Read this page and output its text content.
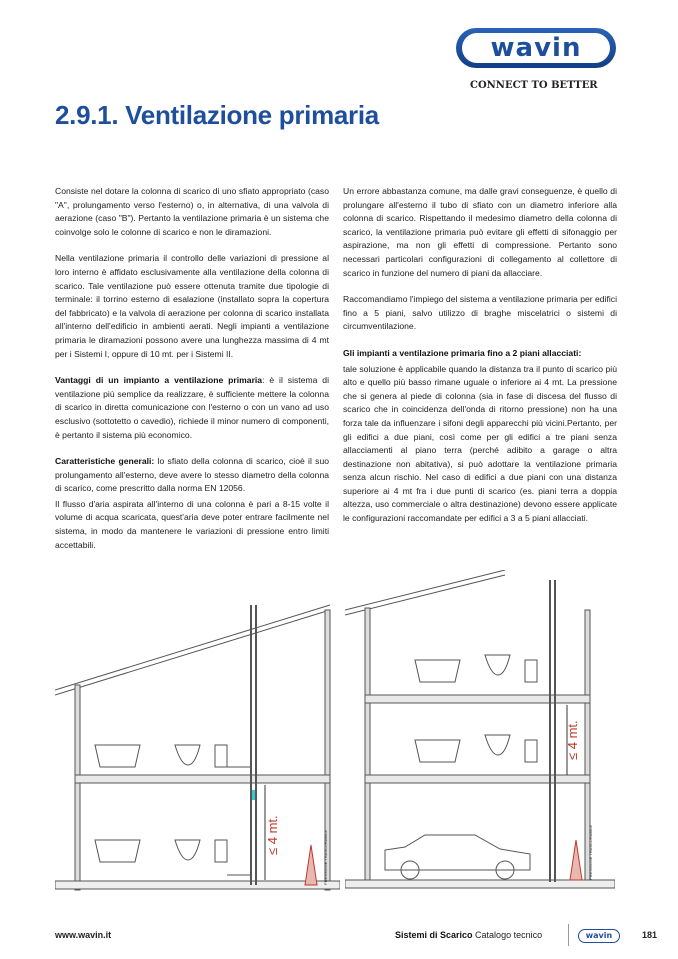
wavin
CONNECT TO BETTER
2.9.1. Ventilazione primaria

Consiste nel dotare la colonna di scarico di uno sfiato appropriato (caso "A", prolungamento verso l'esterno) o, in alternativa, di una valvola di aerazione (caso "B"). Pertanto la ventilazione primaria è un sistema che coinvolge solo le colonne di scarico e non le diramazioni.

Nella ventilazione primaria il controllo delle variazioni di pressione al loro interno è affidato esclusivamente alla ventilazione della colonna di scarico. Tale ventilazione può essere ottenuta tramite due tipologie di terminale: il torrino esterno di esalazione (installato sopra la copertura del fabbricato) e la valvola di aerazione per colonna di scarico installata all'interno dell'edificio in ambienti aerati. Negli impianti a ventilazione primaria le diramazioni possono avere una lunghezza massima di 4 mt per i Sistemi I, oppure di 10 mt. per i Sistemi II.

Vantaggi di un impianto a ventilazione primaria: è il sistema di ventilazione più semplice da realizzare, è sufficiente mettere la colonna di scarico in diretta comunicazione con l'esterno o con un vano ad uso esclusivo (sottotetto o cavedio), richiede il minor numero di componenti, è pertanto il sistema più economico.

Caratteristiche generali: lo sfiato della colonna di scarico, cioè il suo prolungamento all'esterno, deve avere lo stesso diametro della colonna di scarico, come prescritto dalla norma EN 12056.

Il flusso d'aria aspirata all'interno di una colonna è pari a 8-15 volte il volume di acqua scaricata, quest'aria deve poter entrare facilmente nel sistema, in modo da mantenere le variazioni di pressione entro limiti accettabili.

Un errore abbastanza comune, ma dalle gravi conseguenze, è quello di prolungare all'esterno il tubo di sfiato con un diametro inferiore alla colonna di scarico. Rispettando il medesimo diametro della colonna di scarico, la ventilazione primaria può evitare gli effetti di sifonaggio per aspirazione, ma non gli effetti di compressione. Pertanto sono necessari particolari configurazioni di collegamento al collettore di scarico in funzione del numero di piani da allacciare.

Raccomandiamo l'impiego del sistema a ventilazione primaria per edifici fino a 5 piani, salvo utilizzo di braghe miscelatrici o sistemi di circumventilazione.

Gli impianti a ventilazione primaria fino a 2 piani allacciati:

tale soluzione è applicabile quando la distanza tra il punto di scarico più alto e quello più basso rimane uguale o inferiore ai 4 mt. La pressione che si genera al piede di colonna (sia in fase di discesa del flusso di scarico che in coincidenza dell'onda di ritorno pressione) non ha una forza tale da influenzare i sifoni degli apparecchi più vicini.Pertanto, per gli edifici a due piani, così come per gli edifici a tre piani senza allacciamenti al piano terra (perché adibito a garage o altra destinazione non abitativa), si può adottare la ventilazione primaria senza alcun rischio. Nel caso di edifici a due piani con una distanza superiore ai 4 mt fra i due punti di scarico (es. piani terra a doppia altezza, uso commerciale o altra destinazione) devono essere applicate le configurazioni raccomandate per edifici a 3 a 5 piani allacciati.

≤ 4 mt.	PRESSIONE TRASCURABILE
≤ 4 mt.
PRESSIONE TRASCURABILE
www.wavin.it	Sistemi di Scarico Catalogo tecnico	wavin	181
